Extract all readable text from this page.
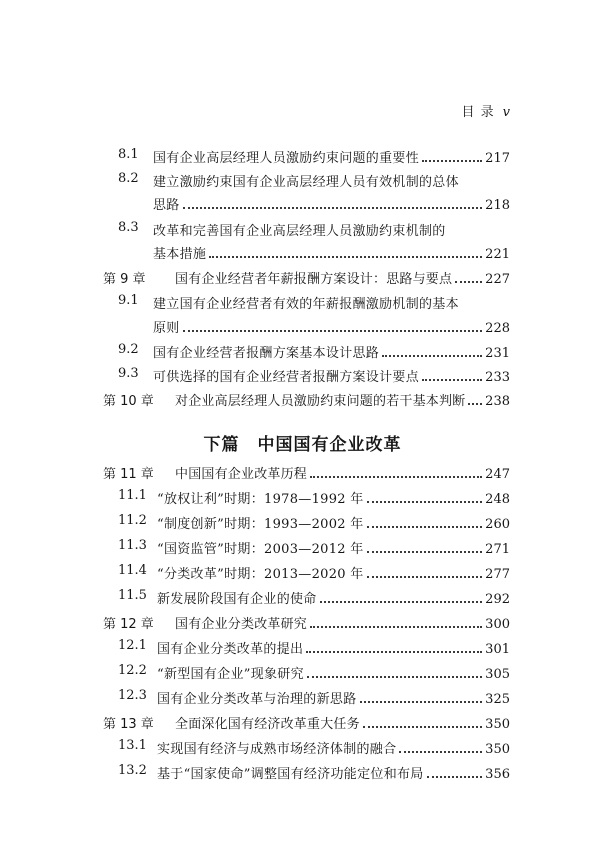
目 录 v
8.1 国有企业高层经理人员激励约束问题的重要性	217
8.2 建立激励约束国有企业高层经理人员有效机制的总体
思路	218
8.3 改革和完善国有企业高层经理人员激励约束机制的
基本措施	221
第 9 章 国有企业经营者年薪报酬方案设计：思路与要点	227
9.1 建立国有企业经营者有效的年薪报酬激励机制的基本
原则	228
9.2 国有企业经营者报酬方案基本设计思路	231
9.3 可供选择的国有企业经营者报酬方案设计要点	233
第 10 章 对企业高层经理人员激励约束问题的若干基本判断 238
下篇 中国国有企业改革
第 11 章 中国国有企业改革历程	247
11.1 “放权让利”时期：1978—1992 年	248
11.2 “制度创新”时期：1993—2002 年	260
11.3 “国资监管”时期：2003—2012 年	271
11.4 “分类改革”时期：2013—2020 年	277
11.5 新发展阶段国有企业的使命	292
第 12 章 国有企业分类改革研究	300
12.1 国有企业分类改革的提出	301
12.2 “新型国有企业”现象研究	305
12.3 国有企业分类改革与治理的新思路	325
第 13 章 全面深化国有经济改革重大任务	350
13.1 实现国有经济与成熟市场经济体制的融合	350
13.2 基于“国家使命”调整国有经济功能定位和布局	356
